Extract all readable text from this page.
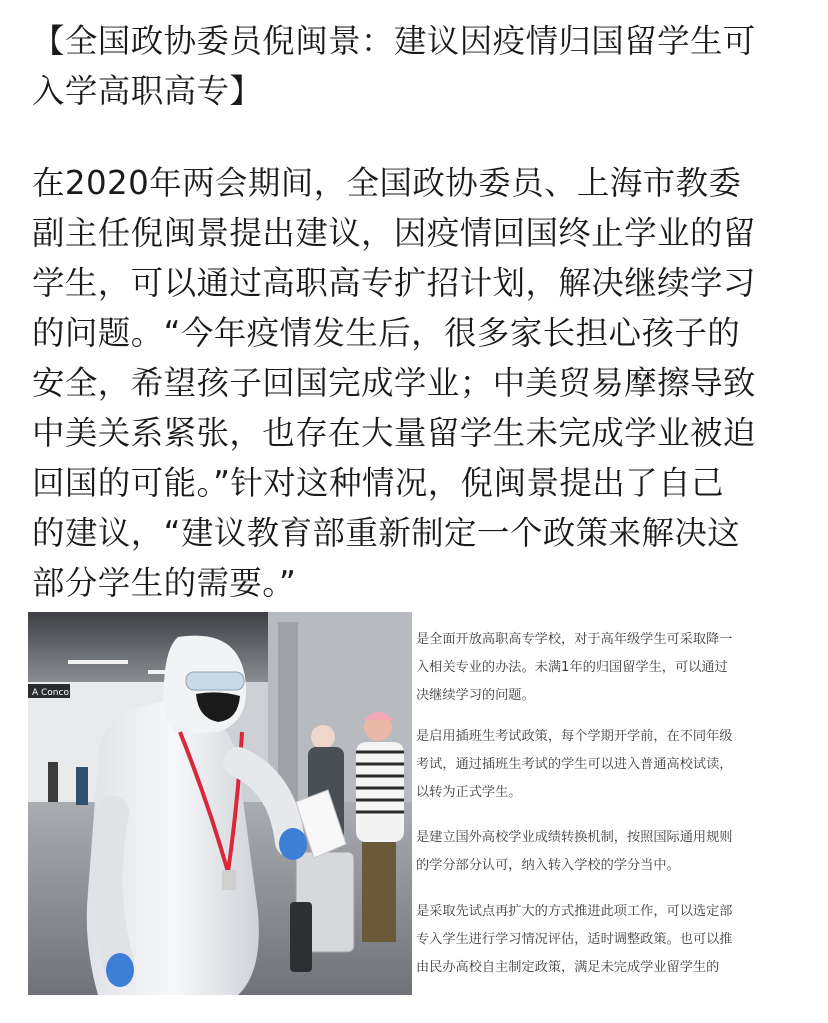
【全国政协委员倪闽景：建议因疫情归国留学生可
入学高职高专】
在2020年两会期间，全国政协委员、上海市教委
副主任倪闽景提出建议，因疫情回国终止学业的留
学生，可以通过高职高专扩招计划，解决继续学习
的问题。“今年疫情发生后，很多家长担心孩子的
安全，希望孩子回国完成学业；中美贸易摩擦导致
中美关系紧张，也存在大量留学生未完成学业被迫
回国的可能。”针对这种情况，倪闽景提出了自己
的建议，“建议教育部重新制定一个政策来解决这
部分学生的需要。”
A Conco
是全面开放高职高专学校，对于高年级学生可采取降一
入相关专业的办法。未满1年的归国留学生，可以通过
决继续学习的问题。
是启用插班生考试政策，每个学期开学前，在不同年级
考试，通过插班生考试的学生可以进入普通高校试读，
以转为正式学生。
是建立国外高校学业成绩转换机制，按照国际通用规则
的学分部分认可，纳入转入学校的学分当中。
是采取先试点再扩大的方式推进此项工作，可以选定部
专入学生进行学习情况评估，适时调整政策。也可以推
由民办高校自主制定政策，满足未完成学业留学生的
